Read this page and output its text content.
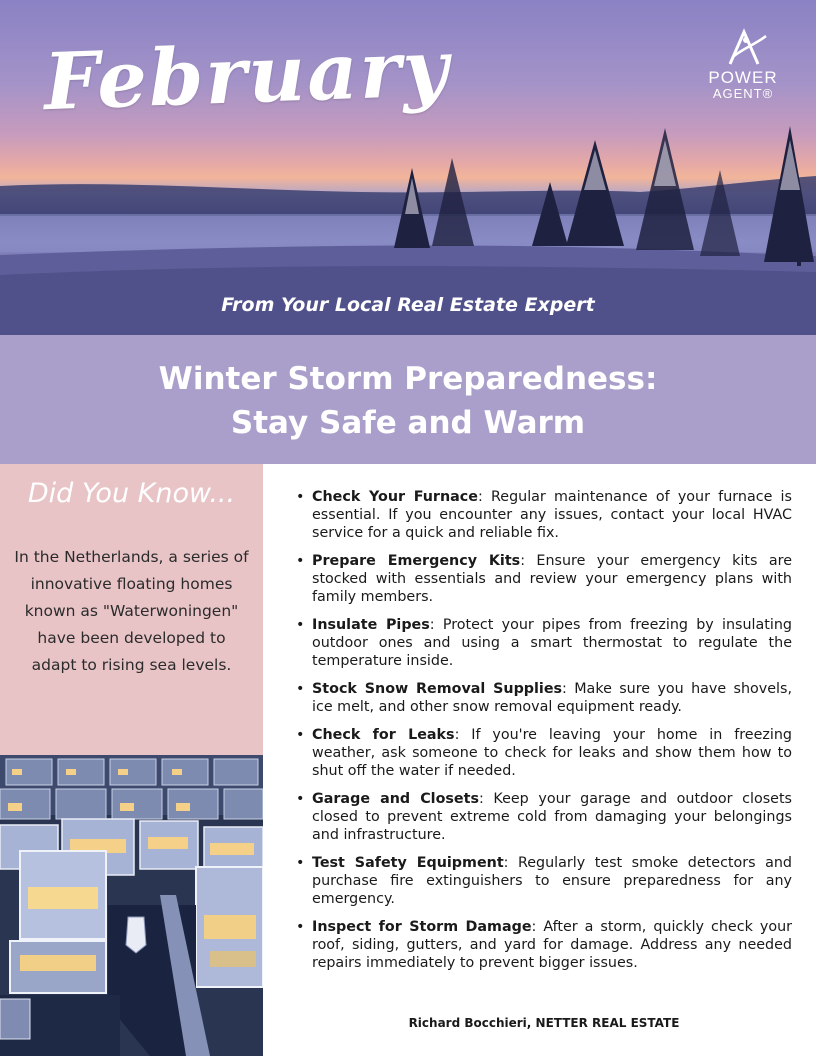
February	POWER
AGENT®
From Your Local Real Estate Expert
Winter Storm Preparedness:
Stay Safe and Warm
Did You Know...
In the Netherlands, a series of innovative floating homes known as "Waterwoningen" have been developed to adapt to rising sea levels.
• Check Your Furnace: Regular maintenance of your furnace is essential. If you encounter any issues, contact your local HVAC service for a quick and reliable fix.
• Prepare Emergency Kits: Ensure your emergency kits are stocked with essentials and review your emergency plans with family members.
• Insulate Pipes: Protect your pipes from freezing by insulating outdoor ones and using a smart thermostat to regulate the temperature inside.
• Stock Snow Removal Supplies: Make sure you have shovels, ice melt, and other snow removal equipment ready.
• Check for Leaks: If you're leaving your home in freezing weather, ask someone to check for leaks and show them how to shut off the water if needed.
• Garage and Closets: Keep your garage and outdoor closets closed to prevent extreme cold from damaging your belongings and infrastructure.
• Test Safety Equipment: Regularly test smoke detectors and purchase fire extinguishers to ensure preparedness for any emergency.
• Inspect for Storm Damage: After a storm, quickly check your roof, siding, gutters, and yard for damage. Address any needed repairs immediately to prevent bigger issues.
Richard Bocchieri, NETTER REAL ESTATE
